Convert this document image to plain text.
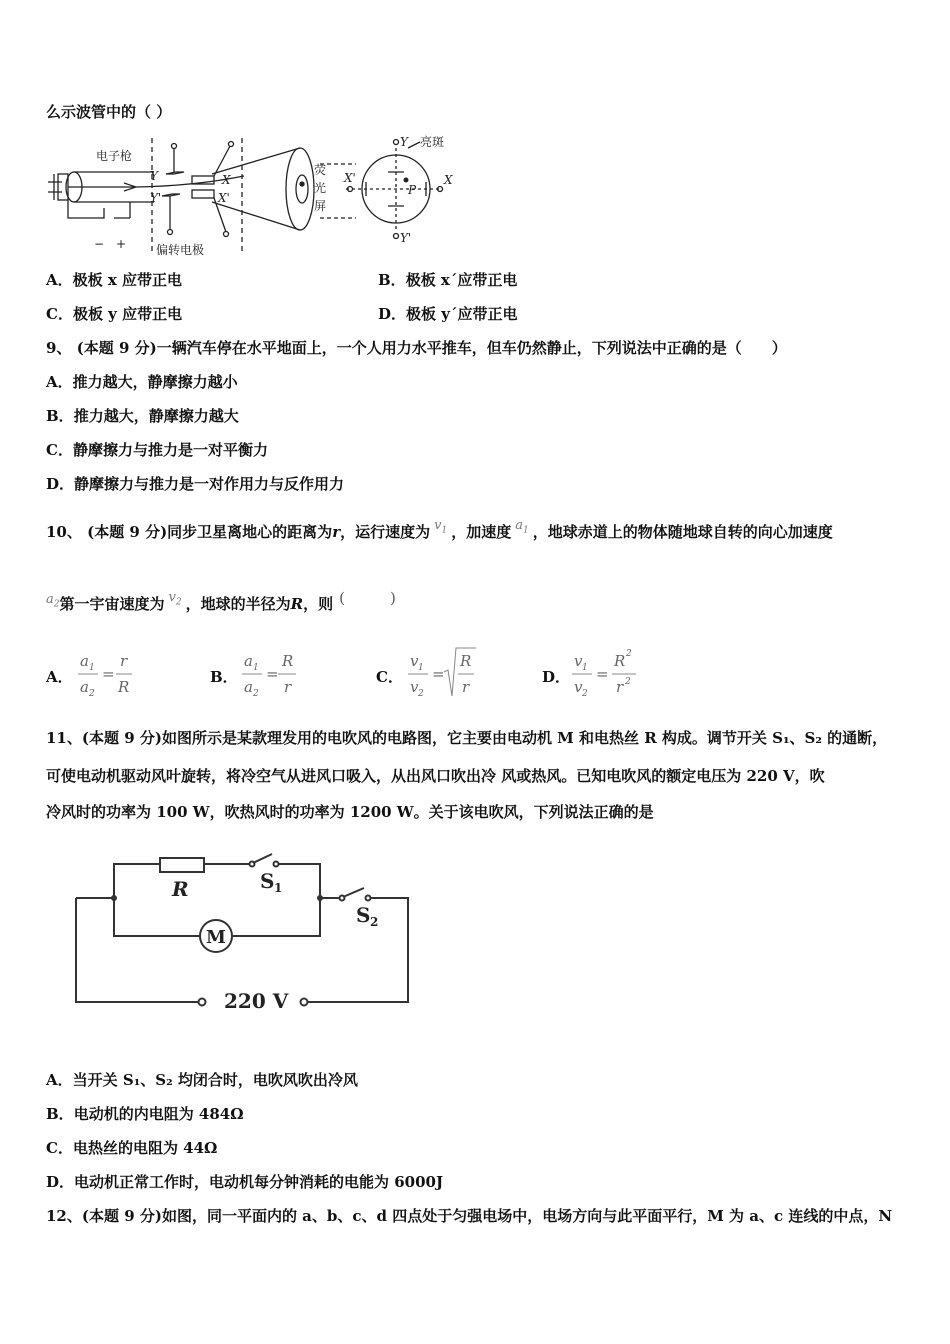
么示波管中的（ ）
电子枪
偏转电极
荧
光
屏
亮斑
− +
Y
Y'
X
X'
Y
Y'
X
X'
P
A．极板 x 应带正电	B．极板 x´应带正电
C．极板 y 应带正电	D．极板 y´应带正电
9、 (本题 9 分)一辆汽车停在水平地面上，一个人用力水平推车，但车仍然静止，下列说法中正确的是（　　）
A．推力越大，静摩擦力越小
B．推力越大，静摩擦力越大
C．静摩擦力与推力是一对平衡力
D．静摩擦力与推力是一对作用力与反作用力
10、 (本题 9 分)同步卫星离地心的距离为r，运行速度为 $v_1$ ，加速度 $a_1$ ，地球赤道上的物体随地球自转的向心加速度
$a_2$第一宇宙速度为 $v_2$ ，地球的半径为R，则 (　　　)
A．	B．	C．	D．
a 1
a 2
=
r
R
a 1
a 2
=
R
r
v 1
v 2
=
R
r
v 1
v 2
=
R 2
r 2
11、(本题 9 分)如图所示是某款理发用的电吹风的电路图，它主要由电动机 M 和电热丝 R 构成。调节开关 S₁、S₂ 的通断，
可使电动机驱动风叶旋转，将冷空气从进风口吸入，从出风口吹出冷 风或热风。已知电吹风的额定电压为 220 V，吹
冷风时的功率为 100 W，吹热风时的功率为 1200 W。关于该电吹风，下列说法正确的是
R	S 1
S 2
M
220 V
A．当开关 S₁、S₂ 均闭合时，电吹风吹出冷风
B．电动机的内电阻为 484Ω
C．电热丝的电阻为 44Ω
D．电动机正常工作时，电动机每分钟消耗的电能为 6000J
12、(本题 9 分)如图，同一平面内的 a、b、c、d 四点处于匀强电场中，电场方向与此平面平行，M 为 a、c 连线的中点，N
